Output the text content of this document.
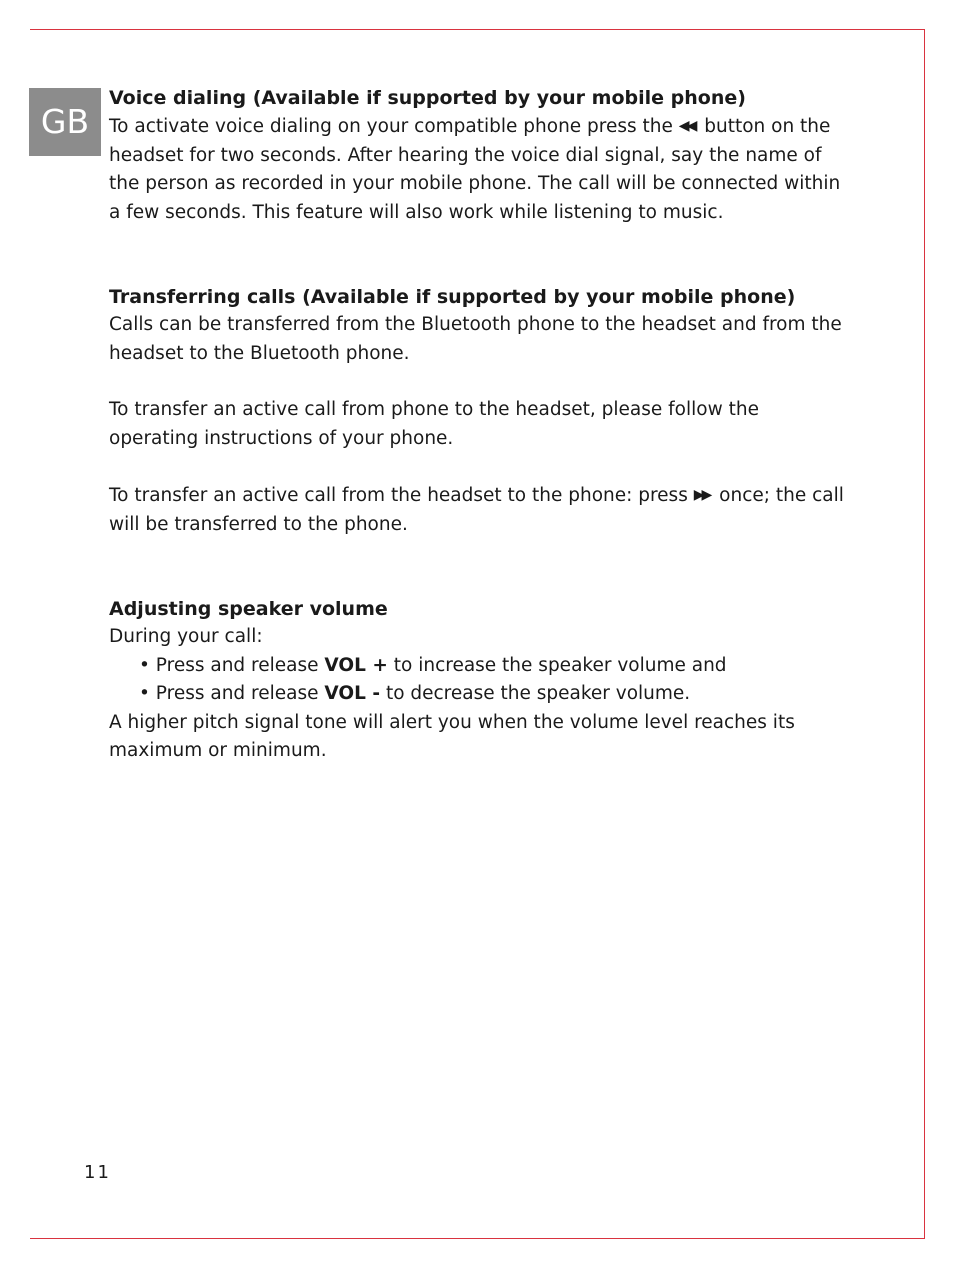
GB
Voice dialing (Available if supported by your mobile phone)

To activate voice dialing on your compatible phone press the ◀◀ button on the headset for two seconds. After hearing the voice dial signal, say the name of the person as recorded in your mobile phone. The call will be connected within a few seconds. This feature will also work while listening to music.

Transferring calls (Available if supported by your mobile phone)

Calls can be transferred from the Bluetooth phone to the headset and from the headset to the Bluetooth phone.

To transfer an active call from phone to the headset, please follow the operating instructions of your phone.

To transfer an active call from the headset to the phone: press ▶▶ once; the call will be transferred to the phone.

Adjusting speaker volume

During your call:

• Press and release VOL + to increase the speaker volume and
• Press and release VOL - to decrease the speaker volume.

A higher pitch signal tone will alert you when the volume level reaches its maximum or minimum.

11
